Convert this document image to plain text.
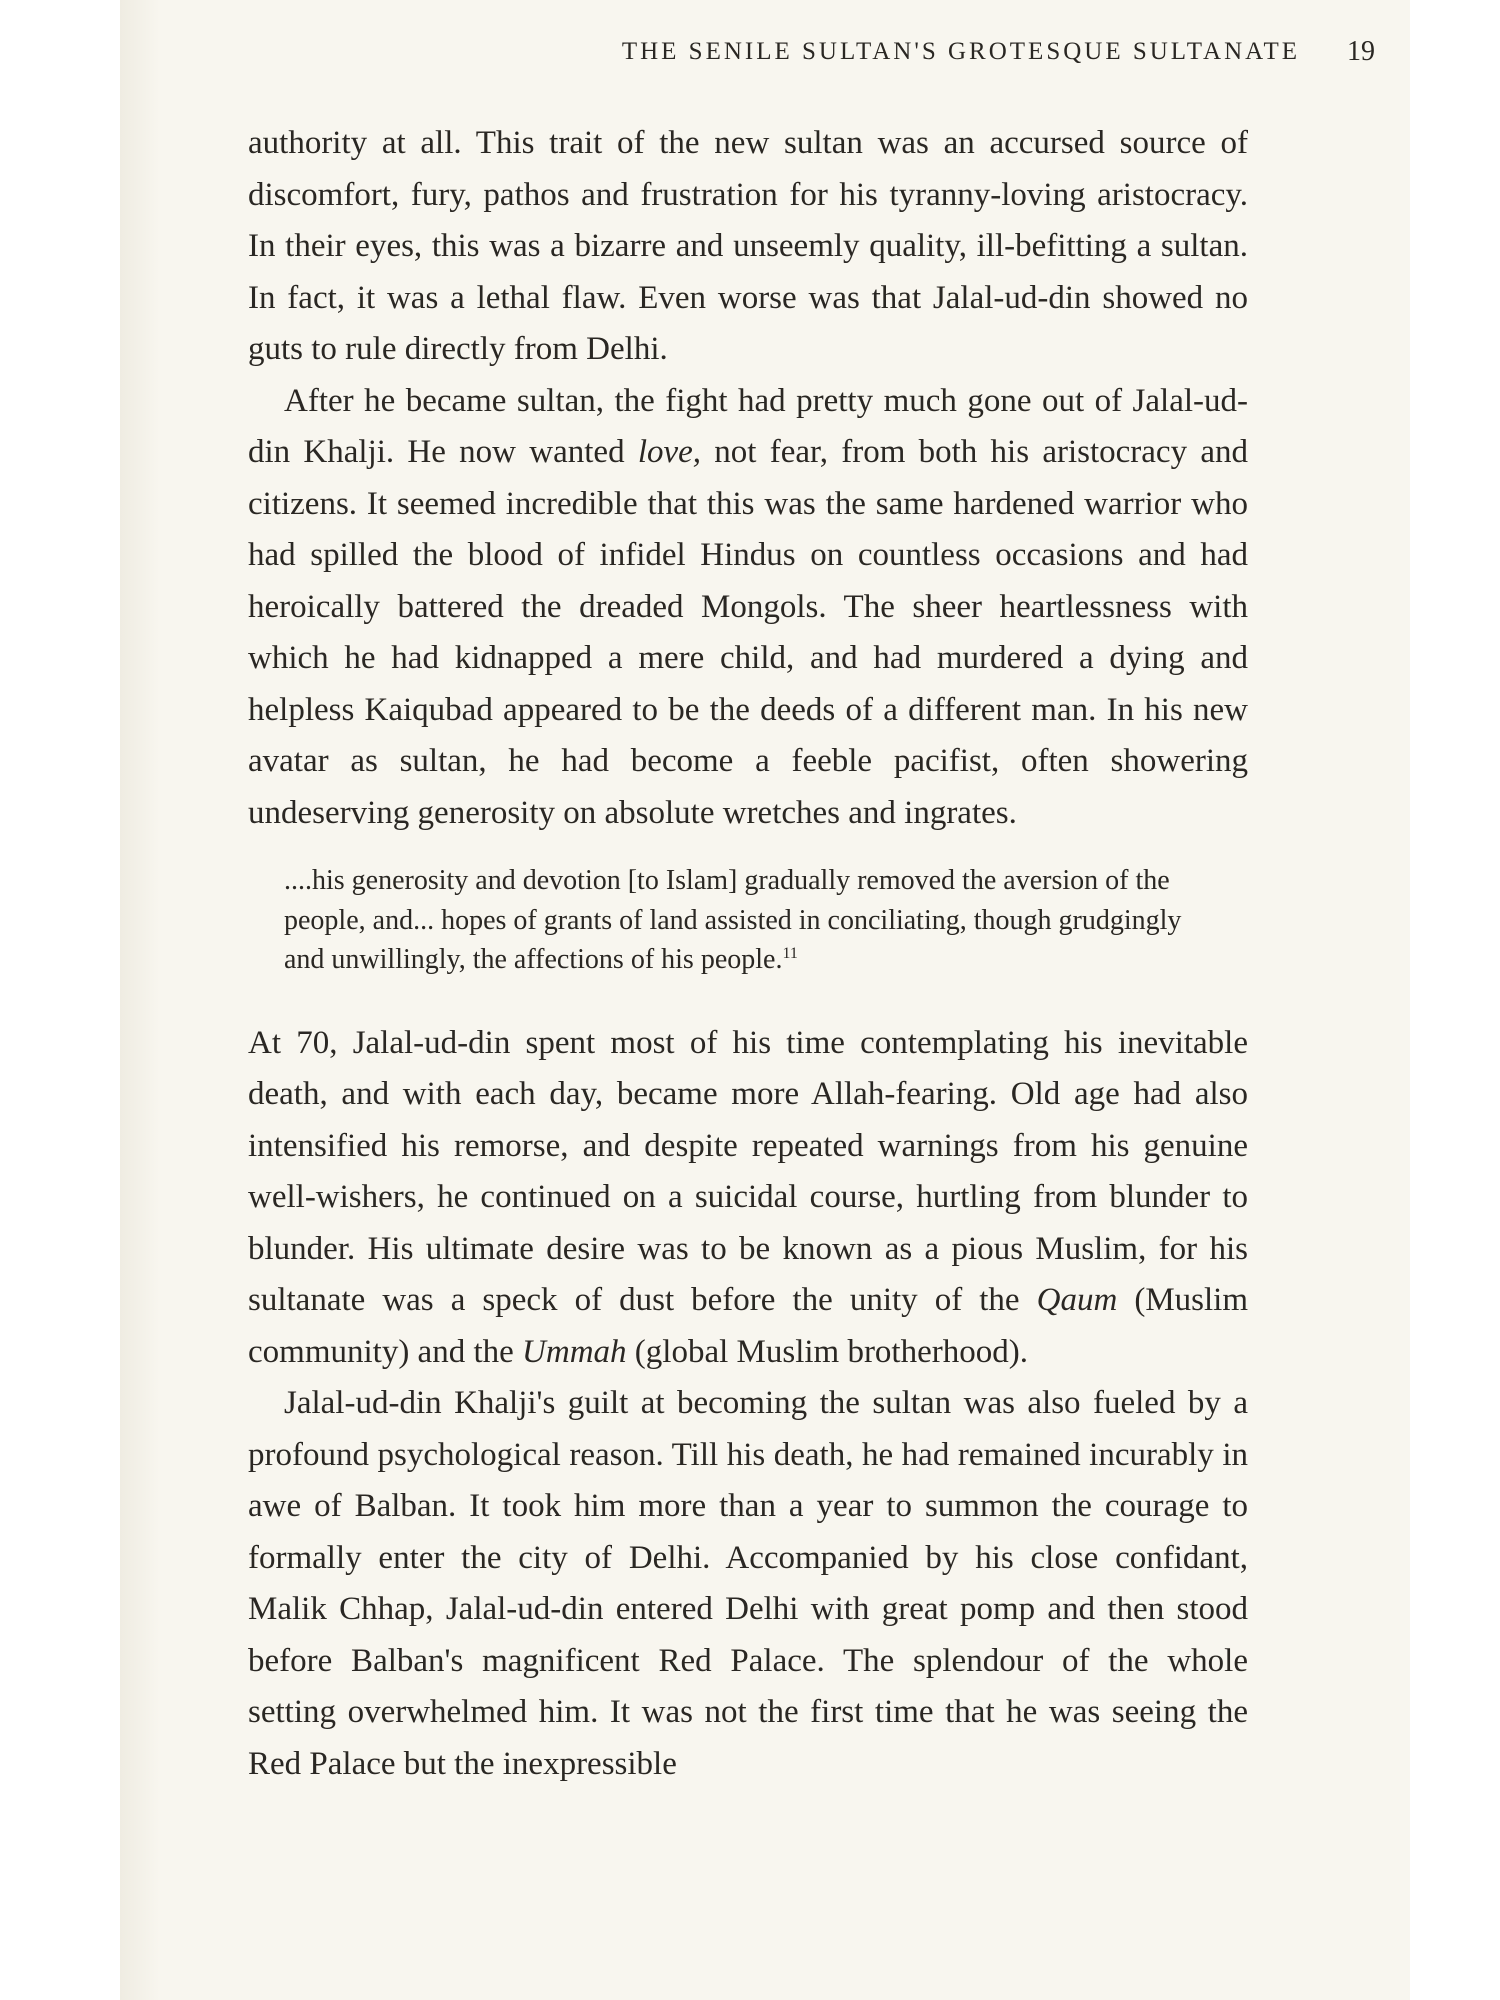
THE SENILE SULTAN'S GROTESQUE SULTANATE 19

authority at all. This trait of the new sultan was an accursed source of discomfort, fury, pathos and frustration for his tyranny-loving aristocracy. In their eyes, this was a bizarre and unseemly quality, ill-befitting a sultan. In fact, it was a lethal flaw. Even worse was that Jalal-ud-din showed no guts to rule directly from Delhi.

After he became sultan, the fight had pretty much gone out of Jalal-ud-din Khalji. He now wanted love, not fear, from both his aristocracy and citizens. It seemed incredible that this was the same hardened warrior who had spilled the blood of infidel Hindus on countless occasions and had heroically battered the dreaded Mongols. The sheer heartlessness with which he had kidnapped a mere child, and had murdered a dying and helpless Kaiqubad appeared to be the deeds of a different man. In his new avatar as sultan, he had become a feeble pacifist, often showering undeserving generosity on absolute wretches and ingrates.

....his generosity and devotion [to Islam] gradually removed the aversion of the people, and... hopes of grants of land assisted in conciliating, though grudgingly and unwillingly, the affections of his people.$^{11}$

At 70, Jalal-ud-din spent most of his time contemplating his inevitable death, and with each day, became more Allah-fearing. Old age had also intensified his remorse, and despite repeated warnings from his genuine well-wishers, he continued on a suicidal course, hurtling from blunder to blunder. His ultimate desire was to be known as a pious Muslim, for his sultanate was a speck of dust before the unity of the Qaum (Muslim community) and the Ummah (global Muslim brotherhood).

Jalal-ud-din Khalji's guilt at becoming the sultan was also fueled by a profound psychological reason. Till his death, he had remained incurably in awe of Balban. It took him more than a year to summon the courage to formally enter the city of Delhi. Accompanied by his close confidant, Malik Chhap, Jalal-ud-din entered Delhi with great pomp and then stood before Balban's magnificent Red Palace. The splendour of the whole setting overwhelmed him. It was not the first time that he was seeing the Red Palace but the inexpressible
